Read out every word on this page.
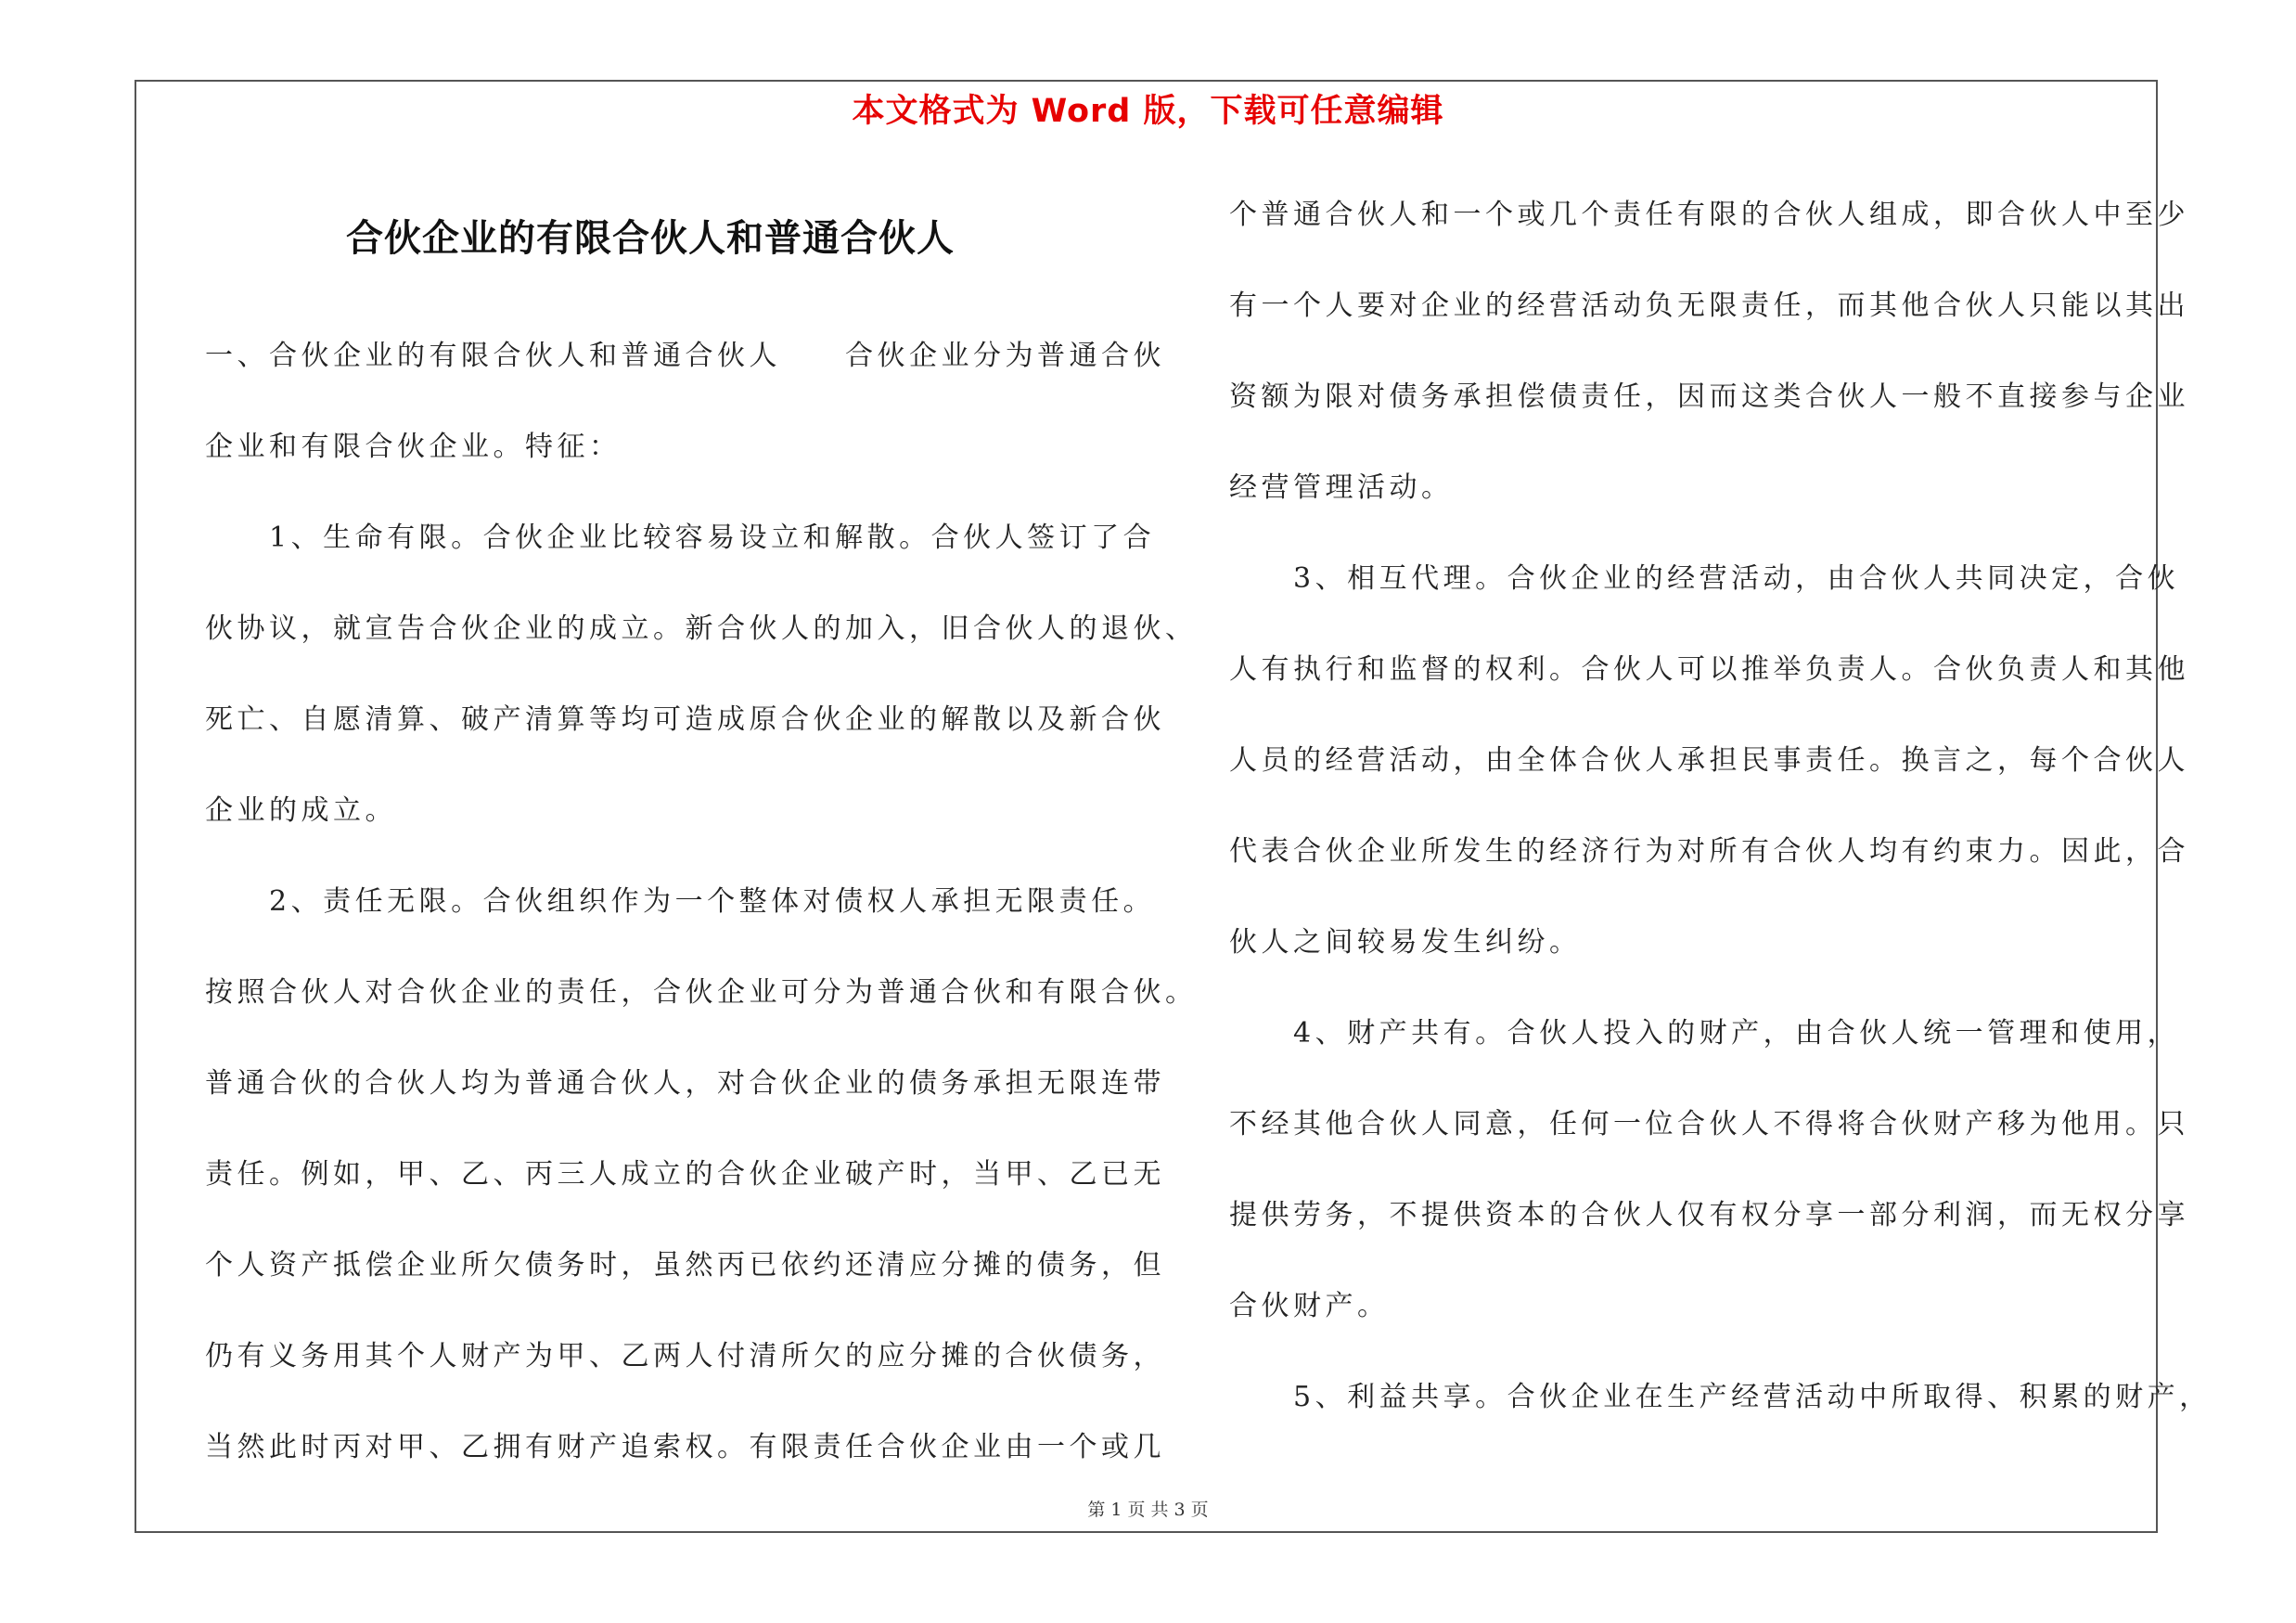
本文格式为 Word 版，下载可任意编辑
合伙企业的有限合伙人和普通合伙人
一、合伙企业的有限合伙人和普通合伙人　　合伙企业分为普通合伙
企业和有限合伙企业。特征：
　　1、生命有限。合伙企业比较容易设立和解散。合伙人签订了合
伙协议，就宣告合伙企业的成立。新合伙人的加入，旧合伙人的退伙、
死亡、自愿清算、破产清算等均可造成原合伙企业的解散以及新合伙
企业的成立。
　　2、责任无限。合伙组织作为一个整体对债权人承担无限责任。
按照合伙人对合伙企业的责任，合伙企业可分为普通合伙和有限合伙。
普通合伙的合伙人均为普通合伙人，对合伙企业的债务承担无限连带
责任。例如，甲、乙、丙三人成立的合伙企业破产时，当甲、乙已无
个人资产抵偿企业所欠债务时，虽然丙已依约还清应分摊的债务，但
仍有义务用其个人财产为甲、乙两人付清所欠的应分摊的合伙债务，
当然此时丙对甲、乙拥有财产追索权。有限责任合伙企业由一个或几
个普通合伙人和一个或几个责任有限的合伙人组成，即合伙人中至少
有一个人要对企业的经营活动负无限责任，而其他合伙人只能以其出
资额为限对债务承担偿债责任，因而这类合伙人一般不直接参与企业
经营管理活动。
　　3、相互代理。合伙企业的经营活动，由合伙人共同决定，合伙
人有执行和监督的权利。合伙人可以推举负责人。合伙负责人和其他
人员的经营活动，由全体合伙人承担民事责任。换言之，每个合伙人
代表合伙企业所发生的经济行为对所有合伙人均有约束力。因此，合
伙人之间较易发生纠纷。
　　4、财产共有。合伙人投入的财产，由合伙人统一管理和使用，
不经其他合伙人同意，任何一位合伙人不得将合伙财产移为他用。只
提供劳务，不提供资本的合伙人仅有权分享一部分利润，而无权分享
合伙财产。
　　5、利益共享。合伙企业在生产经营活动中所取得、积累的财产，
第 1 页 共 3 页
